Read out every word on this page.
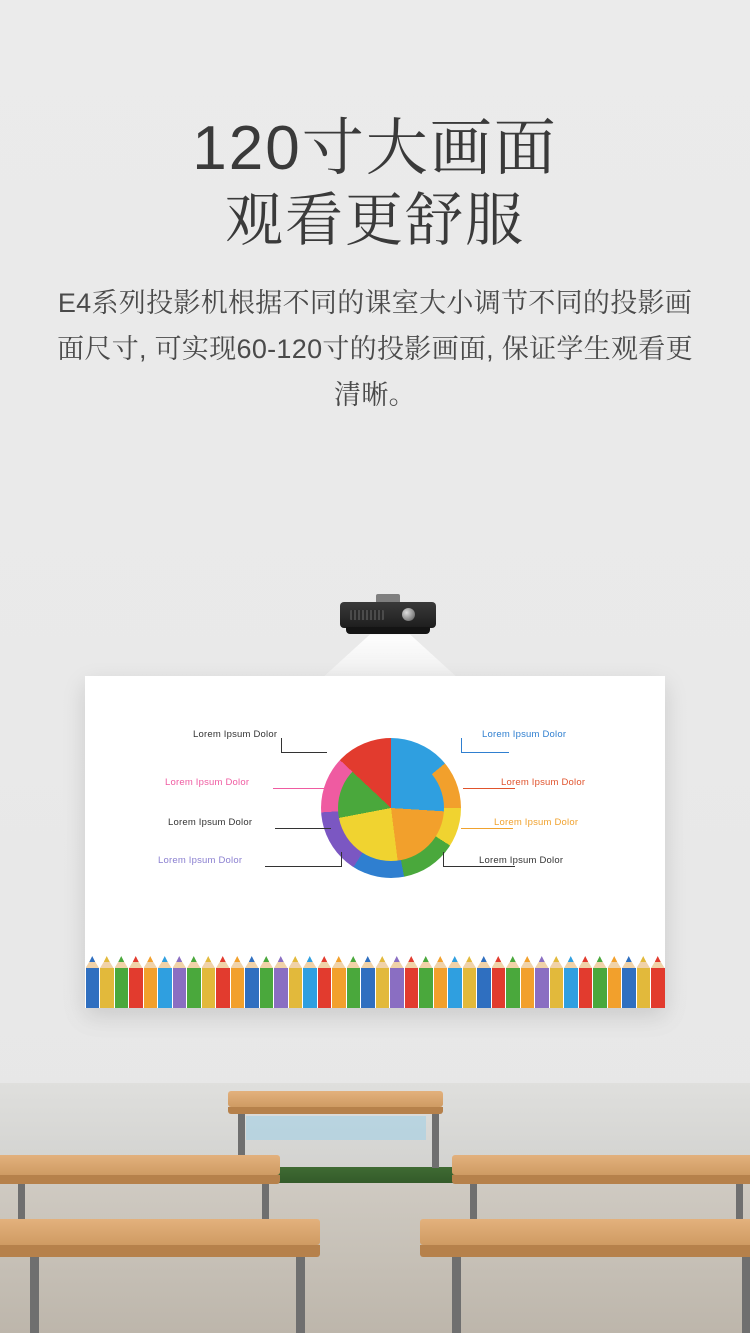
120寸大画面
观看更舒服
E4系列投影机根据不同的课室大小调节不同的投影画面尺寸, 可实现60-120寸的投影画面, 保证学生观看更清晰。
Lorem Ipsum Dolor
Lorem Ipsum Dolor
Lorem Ipsum Dolor
Lorem Ipsum Dolor
Lorem Ipsum Dolor
Lorem Ipsum Dolor
Lorem Ipsum Dolor
Lorem Ipsum Dolor
